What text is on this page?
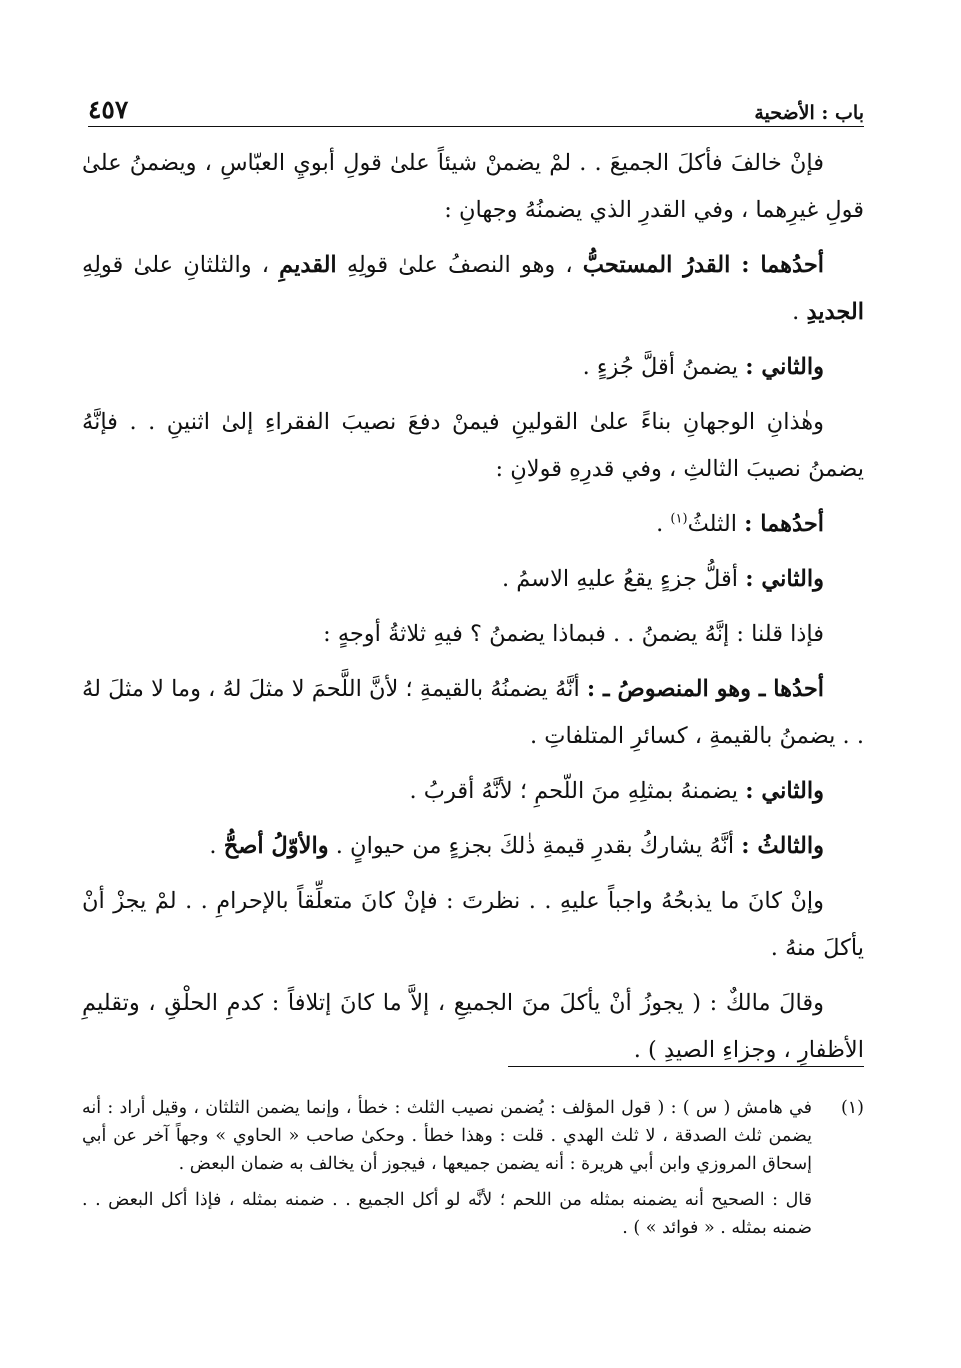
باب : الأضحية
٤٥٧

فإنْ خالفَ فأكلَ الجميعَ . . لمْ يضمنْ شيئاً علىٰ قولِ أبويِ العبّاسِ ، ويضمنُ علىٰ قولِ غيرِهما ، وفي القدرِ الذي يضمنُهُ وجهانِ :

أحدُهما : القدرُ المستحبُّ ، وهو النصفُ علىٰ قولِهِ القديمِ ، والثلثانِ علىٰ قولِهِ الجديدِ .

والثاني : يضمنُ أقلَّ جُزءٍ .

وهٰذانِ الوجهانِ بناءً علىٰ القولينِ فيمنْ دفعَ نصيبَ الفقراءِ إلىٰ اثنينِ . . فإنَّهُ يضمنُ نصيبَ الثالثِ ، وفي قدرِهِ قولانِ :

أحدُهما : الثلثُ$^{(١)}$ .

والثاني : أقلُّ جزءٍ يقعُ عليهِ الاسمُ .

فإذا قلنا : إنَّهُ يضمنُ . . فبماذا يضمنُ ؟ فيهِ ثلاثةُ أوجهٍ :

أحدُها ـ وهو المنصوصُ ـ : أنَّهُ يضمنُهُ بالقيمةِ ؛ لأنَّ اللَّحمَ لا مثلَ لهُ ، وما لا مثلَ لهُ . . يضمنُ بالقيمةِ ، كسائرِ المتلفاتِ .

والثاني : يضمنهُ بمثلِهِ منَ اللّحمِ ؛ لأنَّهُ أقربُ .

والثالثُ : أنَّهُ يشاركُ بقدرِ قيمةِ ذٰلكَ بجزءٍ من حيوانٍ . والأوّلُ أصحُّ .

وإنْ كانَ ما يذبحُهُ واجباً عليهِ . . نظرتَ : فإنْ كانَ متعلِّقاً بالإحرامِ . . لمْ يجزْ أنْ يأكلَ منهُ .

وقالَ مالكٌ : ( يجوزُ أنْ يأكلَ منَ الجميعِ ، إلاَّ ما كانَ إتلافاً : كدمِ الحلْقِ ، وتقليمِ الأظفارِ ، وجزاءِ الصيدِ ) .

(١)

في هامش ( س ) : ( قول المؤلف : يُضمن نصيب الثلث : خطأ ، وإنما يضمن الثلثان ، وقيل أراد : أنه يضمن ثلث الصدقة ، لا ثلث الهدي . قلت : وهذا خطأ . وحكىٰ صاحب « الحاوي » وجهاً آخر عن أبي إسحاق المروزي وابن أبي هريرة : أنه يضمن جميعها ، فيجوز أن يخالف به ضمان البعض .

قال : الصحيح أنه يضمنه بمثله من اللحم ؛ لأنَّه لو أكل الجميع . . ضمنه بمثله ، فإذا أكل البعض . . ضمنه بمثله . « فوائد » ) .
